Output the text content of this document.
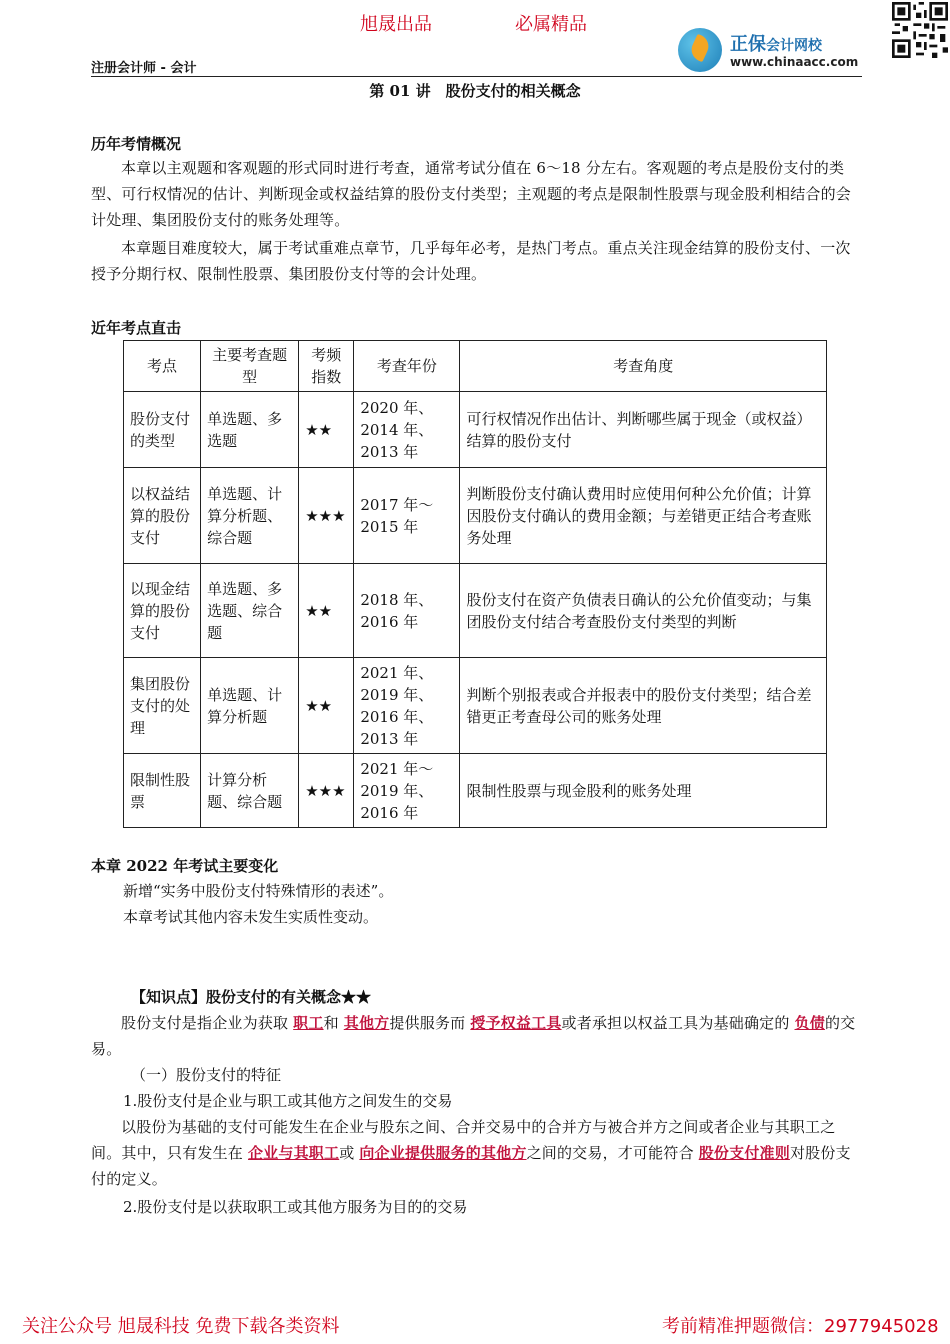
旭晟出品	必属精品
注册会计师 - 会计
正保会计网校
www.chinaacc.com
第 01 讲　股份支付的相关概念
历年考情概况
本章以主观题和客观题的形式同时进行考查，通常考试分值在 6～18 分左右。客观题的考点是股份支付的类型、可行权情况的估计、判断现金或权益结算的股份支付类型；主观题的考点是限制性股票与现金股利相结合的会计处理、集团股份支付的账务处理等。
本章题目难度较大，属于考试重难点章节，几乎每年必考，是热门考点。重点关注现金结算的股份支付、一次授予分期行权、限制性股票、集团股份支付等的会计处理。
近年考点直击
考点	主要考查题型	考频指数	考查年份	考查角度
股份支付的类型	单选题、多选题	★★	2020 年、2014 年、2013 年	可行权情况作出估计、判断哪些属于现金（或权益）结算的股份支付
以权益结算的股份支付	单选题、计算分析题、综合题	★★★	2017 年～2015 年	判断股份支付确认费用时应使用何种公允价值；计算因股份支付确认的费用金额；与差错更正结合考查账务处理
以现金结算的股份支付	单选题、多选题、综合题	★★	2018 年、2016 年	股份支付在资产负债表日确认的公允价值变动；与集团股份支付结合考查股份支付类型的判断
集团股份支付的处理	单选题、计算分析题	★★	2021 年、2019 年、2016 年、2013 年	判断个别报表或合并报表中的股份支付类型；结合差错更正考查母公司的账务处理
限制性股票	计算分析题、综合题	★★★	2021 年～2019 年、2016 年	限制性股票与现金股利的账务处理
本章 2022 年考试主要变化
新增“实务中股份支付特殊情形的表述”。
本章考试其他内容未发生实质性变动。
【知识点】股份支付的有关概念★★
股份支付是指企业为获取 职工和 其他方提供服务而 授予权益工具或者承担以权益工具为基础确定的 负债的交易。
（一）股份支付的特征
1.股份支付是企业与职工或其他方之间发生的交易
以股份为基础的支付可能发生在企业与股东之间、合并交易中的合并方与被合并方之间或者企业与其职工之间。其中，只有发生在 企业与其职工或 向企业提供服务的其他方之间的交易，才可能符合 股份支付准则对股份支付的定义。
2.股份支付是以获取职工或其他方服务为目的的交易
关注公众号 旭晟科技 免费下载各类资料	考前精准押题微信：2977945028
